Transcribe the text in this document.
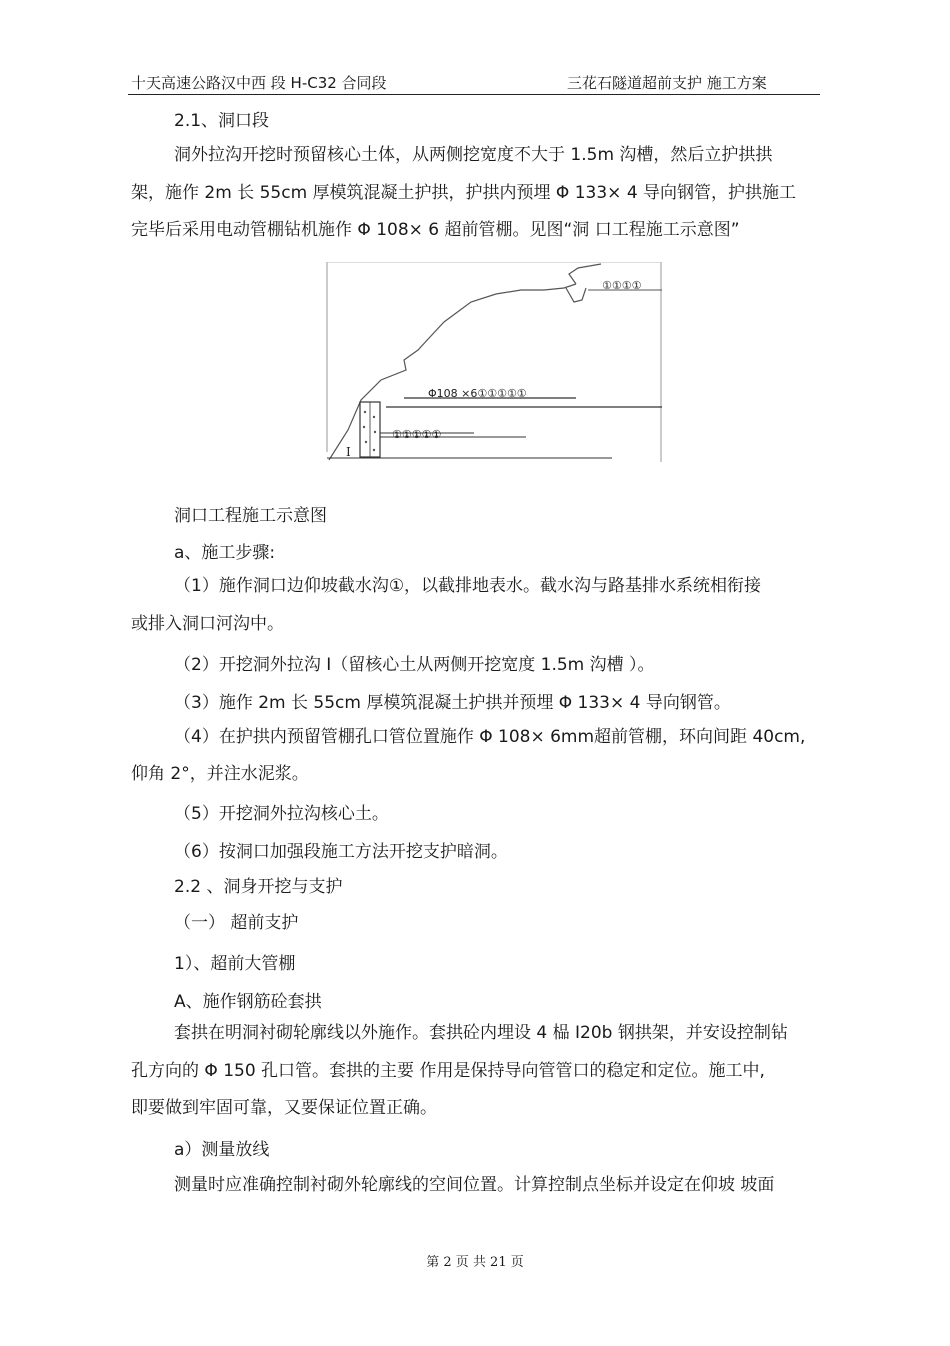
十天高速公路汉中西 段 H-C32 合同段	三花石隧道超前支护 施工方案
2.1、洞口段
洞外拉沟开挖时预留核心土体，从两侧挖宽度不大于 1.5m 沟槽，然后立护拱拱
架，施作 2m 长 55cm 厚模筑混凝土护拱，护拱内预埋 Φ 133× 4 导向钢管，护拱施工
完毕后采用电动管棚钻机施作 Φ 108× 6 超前管棚。见图“洞 口工程施工示意图”
①①①①
Φ108 ×6①①①①①
①①①①①
I
洞口工程施工示意图
a、施工步骤:
（1）施作洞口边仰坡截水沟①，以截排地表水。截水沟与路基排水系统相衔接
或排入洞口河沟中。
（2）开挖洞外拉沟 I（留核心土从两侧开挖宽度 1.5m 沟槽 ）。
（3）施作 2m 长 55cm 厚模筑混凝土护拱并预埋 Φ 133× 4 导向钢管。
（4）在护拱内预留管棚孔口管位置施作 Φ 108× 6mm超前管棚，环向间距 40cm,
仰角 2°，并注水泥浆。
（5）开挖洞外拉沟核心土。
（6）按洞口加强段施工方法开挖支护暗洞。
2.2 、洞身开挖与支护
（一） 超前支护
1）、超前大管棚
A、施作钢筋砼套拱
套拱在明洞衬砌轮廓线以外施作。套拱砼内埋设 4 榀 I20b 钢拱架，并安设控制钻
孔方向的 Φ 150 孔口管。套拱的主要 作用是保持导向管管口的稳定和定位。施工中,
即要做到牢固可靠，又要保证位置正确。
a）测量放线
测量时应准确控制衬砌外轮廓线的空间位置。计算控制点坐标并设定在仰坡 坡面
第 2 页 共 21 页
